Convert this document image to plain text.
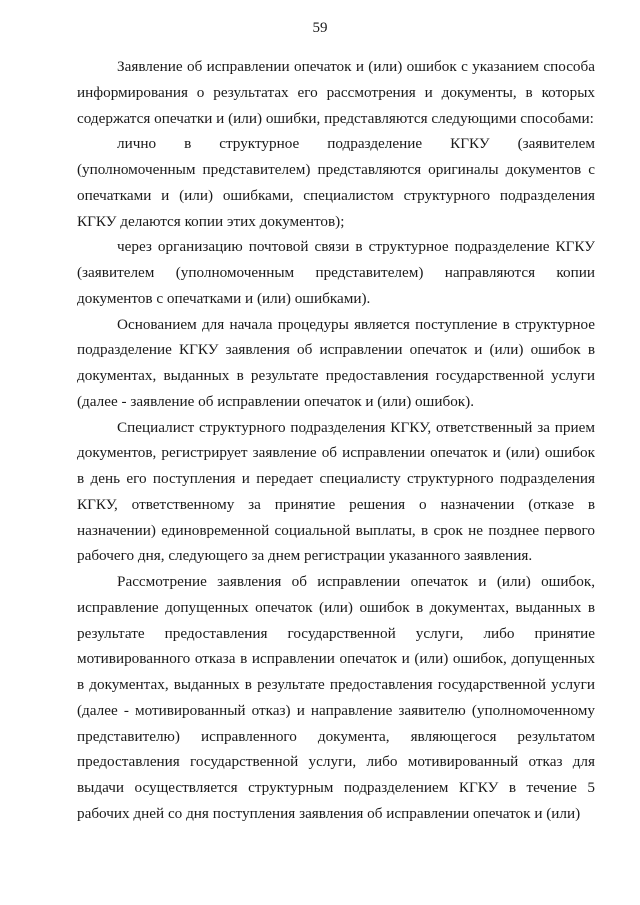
59

Заявление об исправлении опечаток и (или) ошибок с указанием способа информирования о результатах его рассмотрения и документы, в которых содержатся опечатки и (или) ошибки, представляются следующими способами:

лично в структурное подразделение КГКУ (заявителем (уполномоченным представителем) представляются оригиналы документов с опечатками и (или) ошибками, специалистом структурного подразделения КГКУ делаются копии этих документов);

через организацию почтовой связи в структурное подразделение КГКУ (заявителем (уполномоченным представителем) направляются копии документов с опечатками и (или) ошибками).

Основанием для начала процедуры является поступление в структурное подразделение КГКУ заявления об исправлении опечаток и (или) ошибок в документах, выданных в результате предоставления государственной услуги (далее - заявление об исправлении опечаток и (или) ошибок).

Специалист структурного подразделения КГКУ, ответственный за прием документов, регистрирует заявление об исправлении опечаток и (или) ошибок в день его поступления и передает специалисту структурного подразделения КГКУ, ответственному за принятие решения о назначении (отказе в назначении) единовременной социальной выплаты, в срок не позднее первого рабочего дня, следующего за днем регистрации указанного заявления.

Рассмотрение заявления об исправлении опечаток и (или) ошибок, исправление допущенных опечаток (или) ошибок в документах, выданных в результате предоставления государственной услуги, либо принятие мотивированного отказа в исправлении опечаток и (или) ошибок, допущенных в документах, выданных в результате предоставления государственной услуги (далее - мотивированный отказ) и направление заявителю (уполномоченному представителю) исправленного документа, являющегося результатом предоставления государственной услуги, либо мотивированный отказ для выдачи осуществляется структурным подразделением КГКУ в течение 5 рабочих дней со дня поступления заявления об исправлении опечаток и (или)
